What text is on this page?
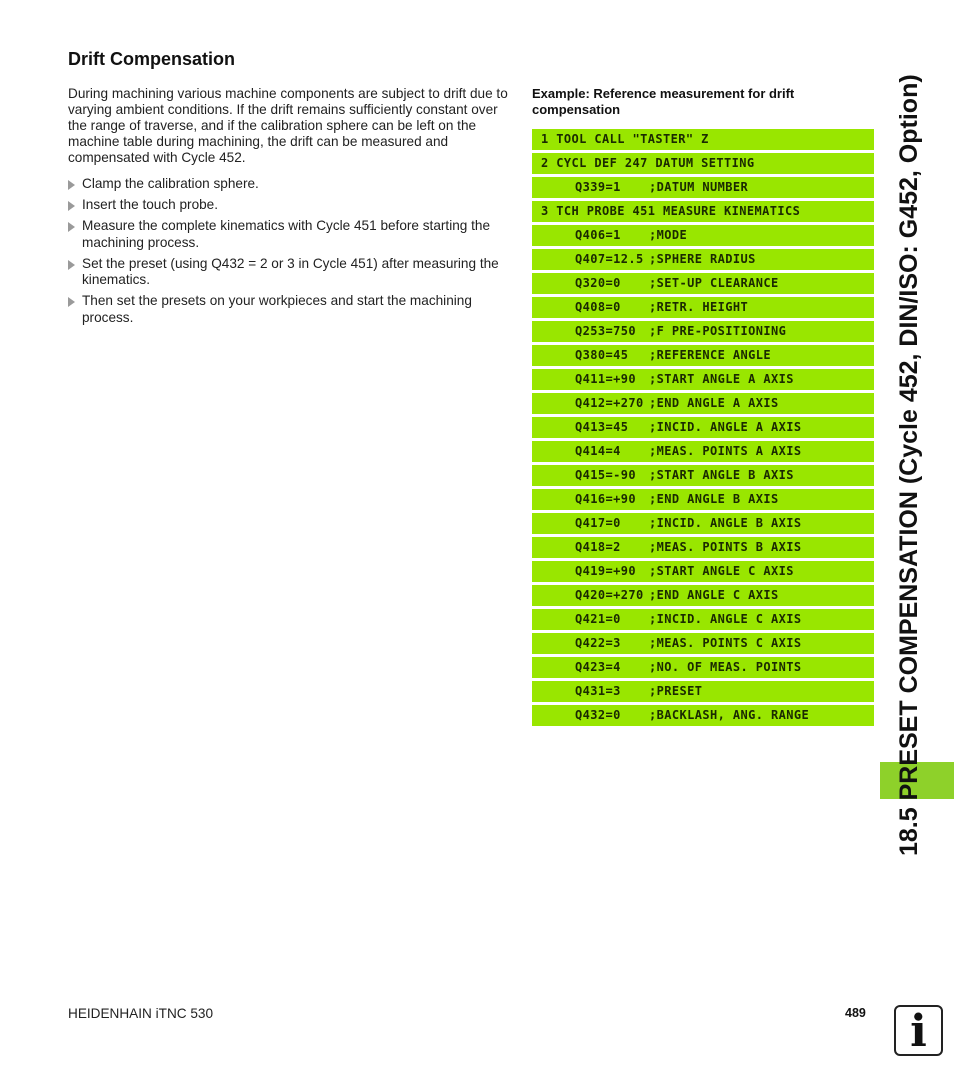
Drift Compensation
During machining various machine components are subject to drift due to varying ambient conditions. If the drift remains sufficiently constant over the range of traverse, and if the calibration sphere can be left on the machine table during machining, the drift can be measured and compensated with Cycle 452.
Clamp the calibration sphere.
Insert the touch probe.
Measure the complete kinematics with Cycle 451 before starting the machining process.
Set the preset (using Q432 = 2 or 3 in Cycle 451) after measuring the kinematics.
Then set the presets on your workpieces and start the machining process.
Example: Reference measurement for drift compensation
1 TOOL CALL "TASTER" Z
2 CYCL DEF 247 DATUM SETTING
Q339=1 ;DATUM NUMBER
3 TCH PROBE 451 MEASURE KINEMATICS
Q406=1 ;MODE
Q407=12.5 ;SPHERE RADIUS
Q320=0 ;SET-UP CLEARANCE
Q408=0 ;RETR. HEIGHT
Q253=750 ;F PRE-POSITIONING
Q380=45 ;REFERENCE ANGLE
Q411=+90 ;START ANGLE A AXIS
Q412=+270 ;END ANGLE A AXIS
Q413=45 ;INCID. ANGLE A AXIS
Q414=4 ;MEAS. POINTS A AXIS
Q415=-90 ;START ANGLE B AXIS
Q416=+90 ;END ANGLE B AXIS
Q417=0 ;INCID. ANGLE B AXIS
Q418=2 ;MEAS. POINTS B AXIS
Q419=+90 ;START ANGLE C AXIS
Q420=+270 ;END ANGLE C AXIS
Q421=0 ;INCID. ANGLE C AXIS
Q422=3 ;MEAS. POINTS C AXIS
Q423=4 ;NO. OF MEAS. POINTS
Q431=3 ;PRESET
Q432=0 ;BACKLASH, ANG. RANGE	18.5 PRESET COMPENSATION (Cycle 452, DIN/ISO: G452, Option)
HEIDENHAIN iTNC 530	489	i
